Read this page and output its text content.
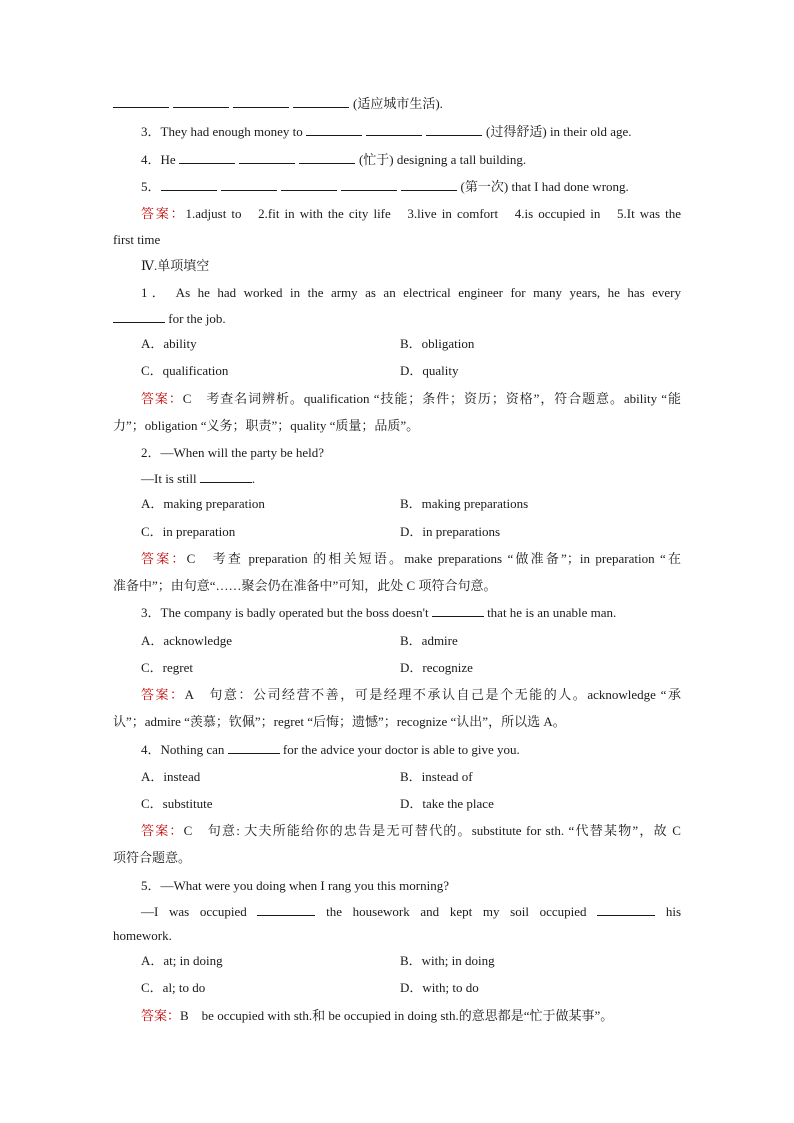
(适应城市生活).
3．They had enough money to	(过得舒适) in their old age.
4．He	(忙于) designing a tall building.
5．	(第一次) that I had done wrong.
答案：1.adjust to　2.fit in with the city life　3.live in comfort　4.is occupied in　5.It was the
first time
Ⅳ.单项填空
1． As he had worked in the army as an electrical engineer for many years, he has every
for the job.
A．ability	B．obligation
C．qualification	D．quality
答案：C　考查名词辨析。qualification “技能；条件；资历；资格”，符合题意。ability “能
力”；obligation “义务；职责”；quality “质量；品质”。
2．—When will the party be held?
—It is still	.
A．making preparation	B．making preparations
C．in preparation	D．in preparations
答案：C　考查 preparation 的相关短语。make preparations “做准备”；in preparation “在
准备中”；由句意“……聚会仍在准备中”可知，此处 C 项符合句意。
3．The company is badly operated but the boss doesn't	that he is an unable man.
A．acknowledge	B．admire
C．regret	D．recognize
答案：A　句意：公司经营不善，可是经理不承认自己是个无能的人。acknowledge “承
认”；admire “羡慕；钦佩”；regret “后悔；遗憾”；recognize “认出”，所以选 A。
4．Nothing can	for the advice your doctor is able to give you.
A．instead	B．instead of
C．substitute	D．take the place
答案：C　句意: 大夫所能给你的忠告是无可替代的。substitute for sth. “代替某物”，故 C
项符合题意。
5．—What were you doing when I rang you this morning?
—I was occupied	the housework and kept my soil occupied	his
homework.
A．at; in doing	B．with; in doing
C．al; to do	D．with; to do
答案：B　be occupied with sth.和 be occupied in doing sth.的意思都是“忙于做某事”。
